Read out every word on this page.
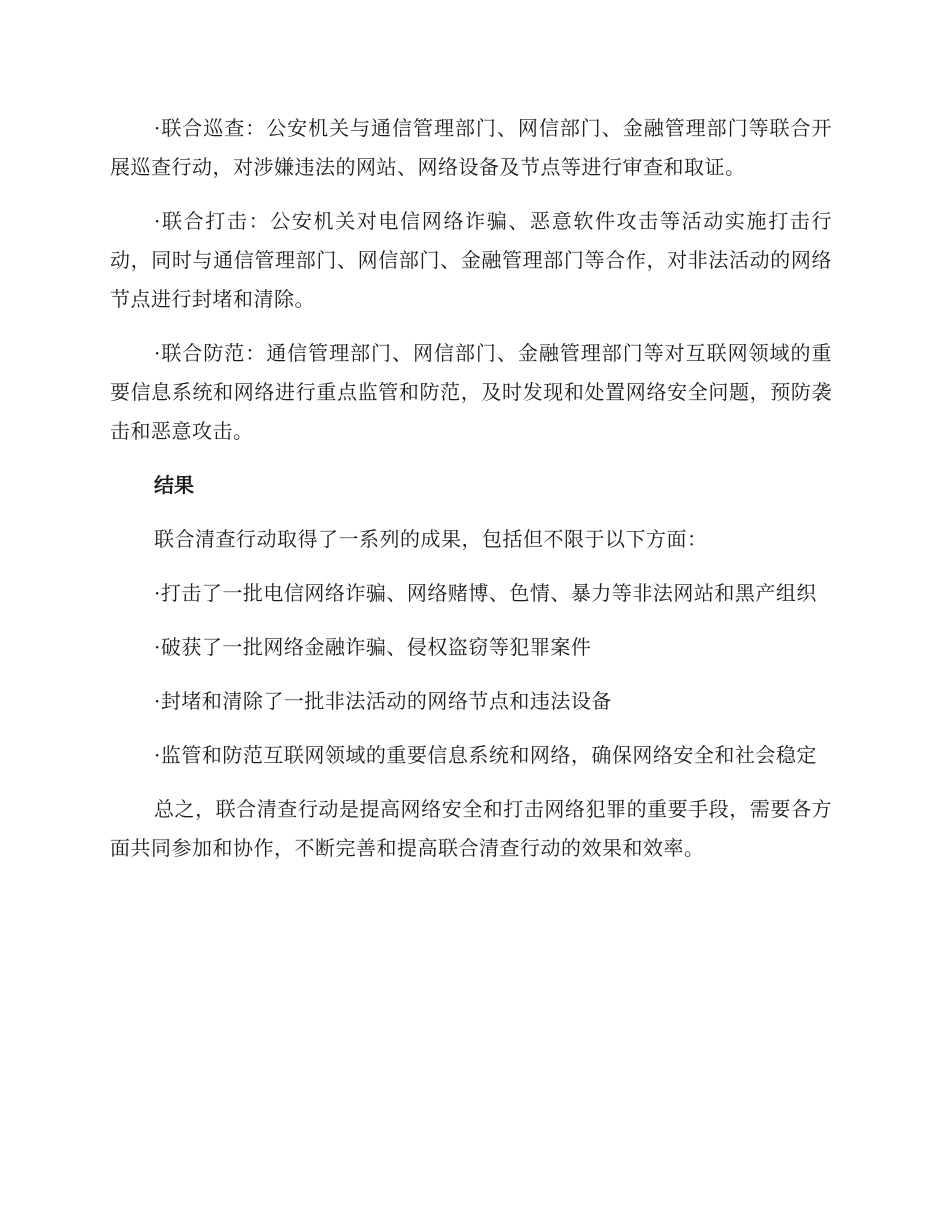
·联合巡查：公安机关与通信管理部门、网信部门、金融管理部门等联合开展巡查行动，对涉嫌违法的网站、网络设备及节点等进行审查和取证。

·联合打击：公安机关对电信网络诈骗、恶意软件攻击等活动实施打击行动，同时与通信管理部门、网信部门、金融管理部门等合作，对非法活动的网络节点进行封堵和清除。

·联合防范：通信管理部门、网信部门、金融管理部门等对互联网领域的重要信息系统和网络进行重点监管和防范，及时发现和处置网络安全问题，预防袭击和恶意攻击。

结果

联合清查行动取得了一系列的成果，包括但不限于以下方面：

·打击了一批电信网络诈骗、网络赌博、色情、暴力等非法网站和黑产组织

·破获了一批网络金融诈骗、侵权盗窃等犯罪案件

·封堵和清除了一批非法活动的网络节点和违法设备

·监管和防范互联网领域的重要信息系统和网络，确保网络安全和社会稳定

总之，联合清查行动是提高网络安全和打击网络犯罪的重要手段，需要各方面共同参加和协作，不断完善和提高联合清查行动的效果和效率。
